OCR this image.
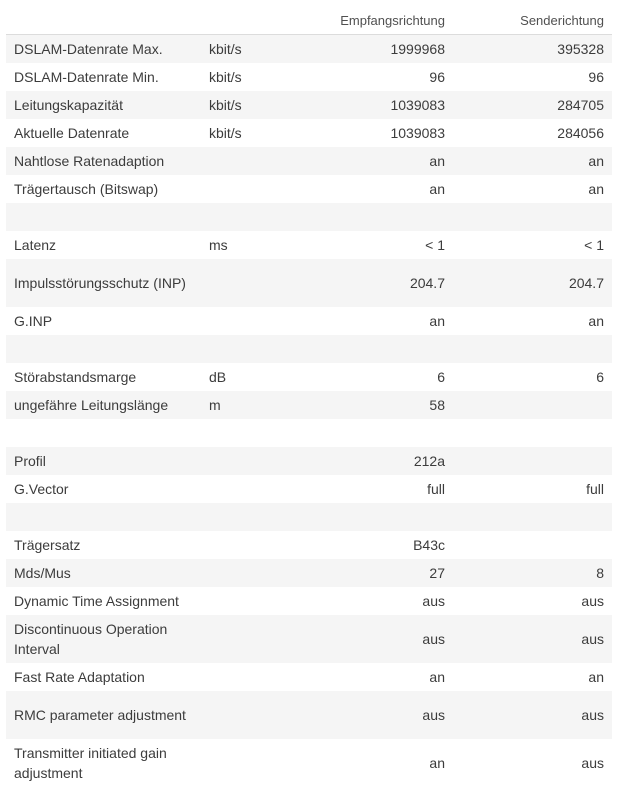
		Empfangsrichtung	Senderichtung
DSLAM-Datenrate Max.	kbit/s	1999968	395328
DSLAM-Datenrate Min.	kbit/s	96	96
Leitungskapazität	kbit/s	1039083	284705
Aktuelle Datenrate	kbit/s	1039083	284056
Nahtlose Ratenadaption		an	an
Trägertausch (Bitswap)		an	an

Latenz	ms	< 1	< 1
Impulsstörungsschutz (INP)		204.7	204.7
G.INP		an	an

Störabstandsmarge	dB	6	6
ungefähre Leitungslänge	m	58	

Profil		212a	
G.Vector		full	full

Trägersatz		B43c	
Mds/Mus		27	8
Dynamic Time Assignment		aus	aus
Discontinuous Operation Interval		aus	aus
Fast Rate Adaptation		an	an
RMC parameter adjustment		aus	aus
Transmitter initiated gain adjustment		an	aus
